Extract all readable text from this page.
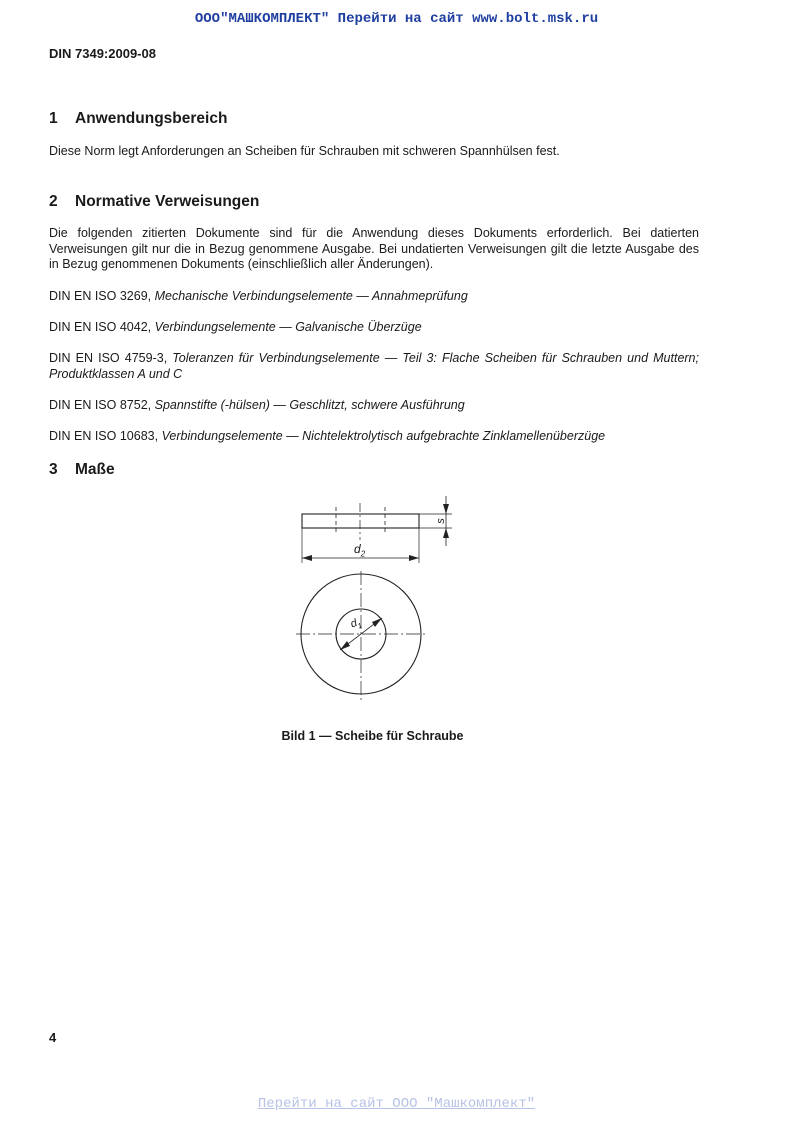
ООО"МАШКОМПЛЕКТ" Перейти на сайт www.bolt.msk.ru
DIN 7349:2009-08
1 Anwendungsbereich
Diese Norm legt Anforderungen an Scheiben für Schrauben mit schweren Spannhülsen fest.
2 Normative Verweisungen
Die folgenden zitierten Dokumente sind für die Anwendung dieses Dokuments erforderlich. Bei datierten Verweisungen gilt nur die in Bezug genommene Ausgabe. Bei undatierten Verweisungen gilt die letzte Ausgabe des in Bezug genommenen Dokuments (einschließlich aller Änderungen).
DIN EN ISO 3269, Mechanische Verbindungselemente — Annahmeprüfung
DIN EN ISO 4042, Verbindungselemente — Galvanische Überzüge
DIN EN ISO 4759-3, Toleranzen für Verbindungselemente — Teil 3: Flache Scheiben für Schrauben und Muttern; Produktklassen A und C
DIN EN ISO 8752, Spannstifte (-hülsen) — Geschlitzt, schwere Ausführung
DIN EN ISO 10683, Verbindungselemente — Nichtelektrolytisch aufgebrachte Zinklamellenüberzüge
3 Maße
s
$d_2$
$d_1$
Bild 1 — Scheibe für Schraube
4
Перейти на сайт ООО "Машкомплект"
